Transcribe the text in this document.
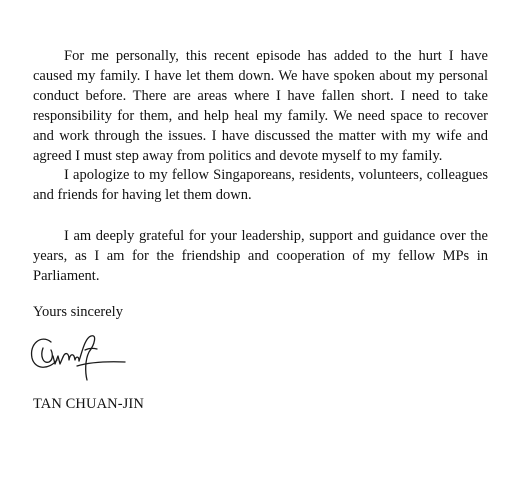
For me personally, this recent episode has added to the hurt I have caused my family. I have let them down. We have spoken about my personal conduct before. There are areas where I have fallen short. I need to take responsibility for them, and help heal my family. We need space to recover and work through the issues. I have discussed the matter with my wife and agreed I must step away from politics and devote myself to my family.

I apologize to my fellow Singaporeans, residents, volunteers, colleagues and friends for having let them down.

I am deeply grateful for your leadership, support and guidance over the years, as I am for the friendship and cooperation of my fellow MPs in Parliament.

Yours sincerely

TAN CHUAN-JIN
